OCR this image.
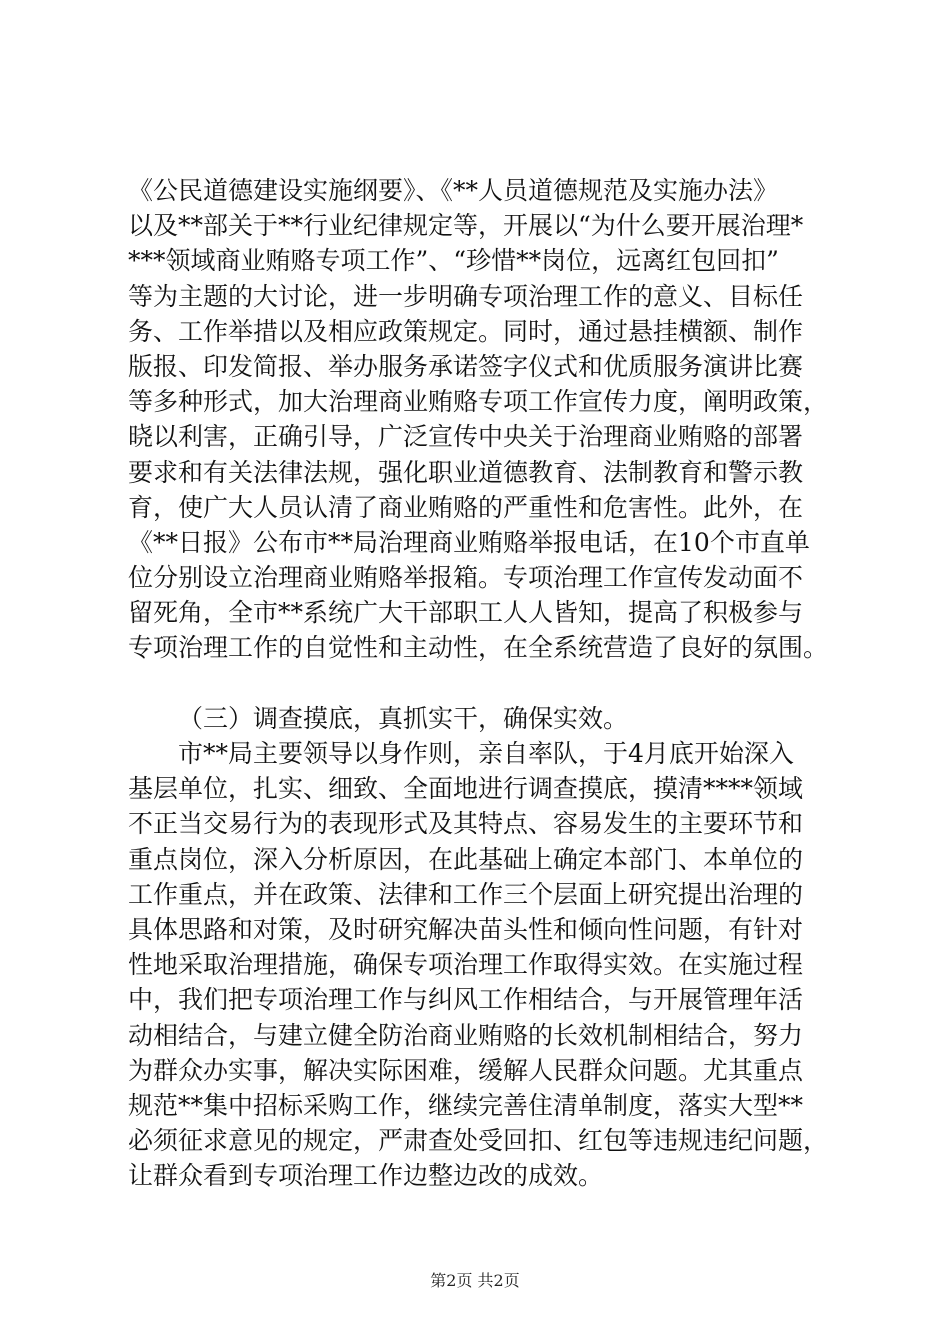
《公民道德建设实施纲要》、《**人员道德规范及实施办法》
以及**部关于**行业纪律规定等，开展以“为什么要开展治理*
***领域商业贿赂专项工作”、“珍惜**岗位，远离红包回扣”
等为主题的大讨论，进一步明确专项治理工作的意义、目标任
务、工作举措以及相应政策规定。同时，通过悬挂横额、制作
版报、印发简报、举办服务承诺签字仪式和优质服务演讲比赛
等多种形式，加大治理商业贿赂专项工作宣传力度，阐明政策，
晓以利害，正确引导，广泛宣传中央关于治理商业贿赂的部署
要求和有关法律法规，强化职业道德教育、法制教育和警示教
育，使广大人员认清了商业贿赂的严重性和危害性。此外，在
《**日报》公布市**局治理商业贿赂举报电话，在10个市直单
位分别设立治理商业贿赂举报箱。专项治理工作宣传发动面不
留死角，全市**系统广大干部职工人人皆知，提高了积极参与
专项治理工作的自觉性和主动性，在全系统营造了良好的氛围。
（三）调查摸底，真抓实干，确保实效。
市**局主要领导以身作则，亲自率队，于4月底开始深入
基层单位，扎实、细致、全面地进行调查摸底，摸清****领域
不正当交易行为的表现形式及其特点、容易发生的主要环节和
重点岗位，深入分析原因，在此基础上确定本部门、本单位的
工作重点，并在政策、法律和工作三个层面上研究提出治理的
具体思路和对策，及时研究解决苗头性和倾向性问题，有针对
性地采取治理措施，确保专项治理工作取得实效。在实施过程
中，我们把专项治理工作与纠风工作相结合，与开展管理年活
动相结合，与建立健全防治商业贿赂的长效机制相结合，努力
为群众办实事，解决实际困难，缓解人民群众问题。尤其重点
规范**集中招标采购工作，继续完善住清单制度，落实大型**
必须征求意见的规定，严肃查处受回扣、红包等违规违纪问题，
让群众看到专项治理工作边整边改的成效。
第2页 共2页
